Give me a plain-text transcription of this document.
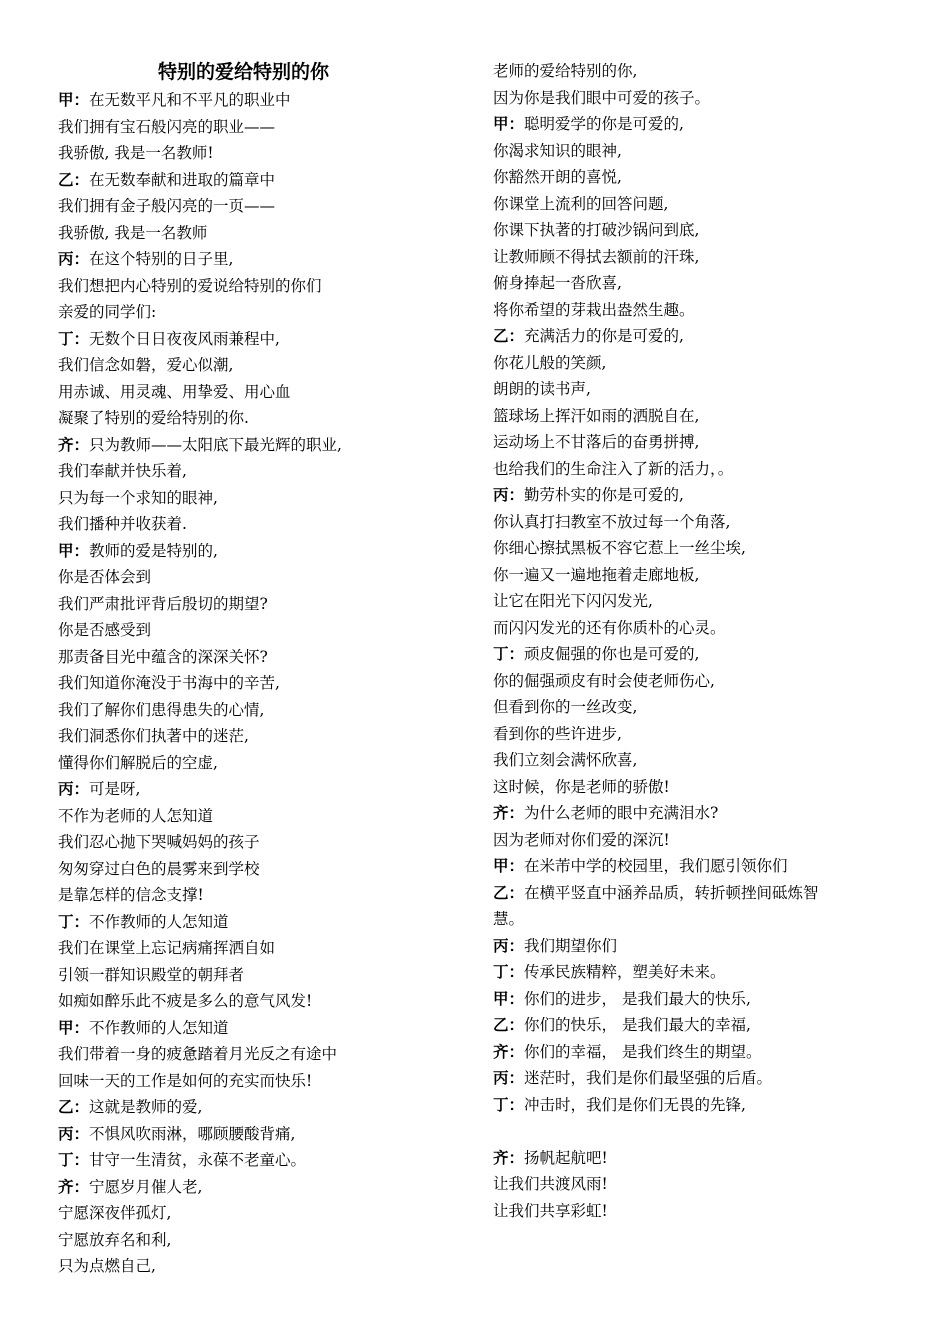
特别的爱给特别的你
甲：在无数平凡和不平凡的职业中
我们拥有宝石般闪亮的职业——
我骄傲, 我是一名教师!
乙：在无数奉献和进取的篇章中
我们拥有金子般闪亮的一页——
我骄傲, 我是一名教师
丙：在这个特别的日子里,
我们想把内心特别的爱说给特别的你们
亲爱的同学们:
丁：无数个日日夜夜风雨兼程中,
我们信念如磐，爱心似潮,
用赤诚、用灵魂、用挚爱、用心血
凝聚了特别的爱给特别的你.
齐：只为教师——太阳底下最光辉的职业,
我们奉献并快乐着,
只为每一个求知的眼神,
我们播种并收获着.
甲：教师的爱是特别的,
你是否体会到
我们严肃批评背后殷切的期望?
你是否感受到
那责备目光中蕴含的深深关怀?
我们知道你淹没于书海中的辛苦,
我们了解你们患得患失的心情,
我们洞悉你们执著中的迷茫,
懂得你们解脱后的空虚,
丙：可是呀,
不作为老师的人怎知道
我们忍心抛下哭喊妈妈的孩子
匆匆穿过白色的晨雾来到学校
是靠怎样的信念支撑!
丁：不作教师的人怎知道
我们在课堂上忘记病痛挥洒自如
引领一群知识殿堂的朝拜者
如痴如醉乐此不疲是多么的意气风发!
甲：不作教师的人怎知道
我们带着一身的疲惫踏着月光反之有途中
回味一天的工作是如何的充实而快乐!
乙：这就是教师的爱,
丙：不惧风吹雨淋，哪顾腰酸背痛,
丁：甘守一生清贫，永葆不老童心。
齐：宁愿岁月催人老,
宁愿深夜伴孤灯,
宁愿放弃名和利,
只为点燃自己,
老师的爱给特别的你,
因为你是我们眼中可爱的孩子。
甲：聪明爱学的你是可爱的,
你渴求知识的眼神,
你豁然开朗的喜悦,
你课堂上流利的回答问题,
你课下执著的打破沙锅问到底,
让教师顾不得拭去额前的汗珠,
俯身捧起一沓欣喜,
将你希望的芽栽出盎然生趣。
乙：充满活力的你是可爱的,
你花儿般的笑颜,
朗朗的读书声,
篮球场上挥汗如雨的洒脱自在,
运动场上不甘落后的奋勇拼搏,
也给我们的生命注入了新的活力，。
丙：勤劳朴实的你是可爱的,
你认真打扫教室不放过每一个角落,
你细心擦拭黑板不容它惹上一丝尘埃,
你一遍又一遍地拖着走廊地板,
让它在阳光下闪闪发光,
而闪闪发光的还有你质朴的心灵。
丁：顽皮倔强的你也是可爱的,
你的倔强顽皮有时会使老师伤心,
但看到你的一丝改变,
看到你的些许进步,
我们立刻会满怀欣喜,
这时候，你是老师的骄傲!
齐：为什么老师的眼中充满泪水?
因为老师对你们爱的深沉!
甲：在米芾中学的校园里，我们愿引领你们
乙：在横平竖直中涵养品质，转折顿挫间砥炼智
慧。
丙：我们期望你们
丁：传承民族精粹，塑美好未来。
甲：你们的进步， 是我们最大的快乐,
乙：你们的快乐， 是我们最大的幸福,
齐：你们的幸福， 是我们终生的期望。
丙：迷茫时，我们是你们最坚强的后盾。
丁：冲击时，我们是你们无畏的先锋,
齐：扬帆起航吧!
让我们共渡风雨!
让我们共享彩虹!
